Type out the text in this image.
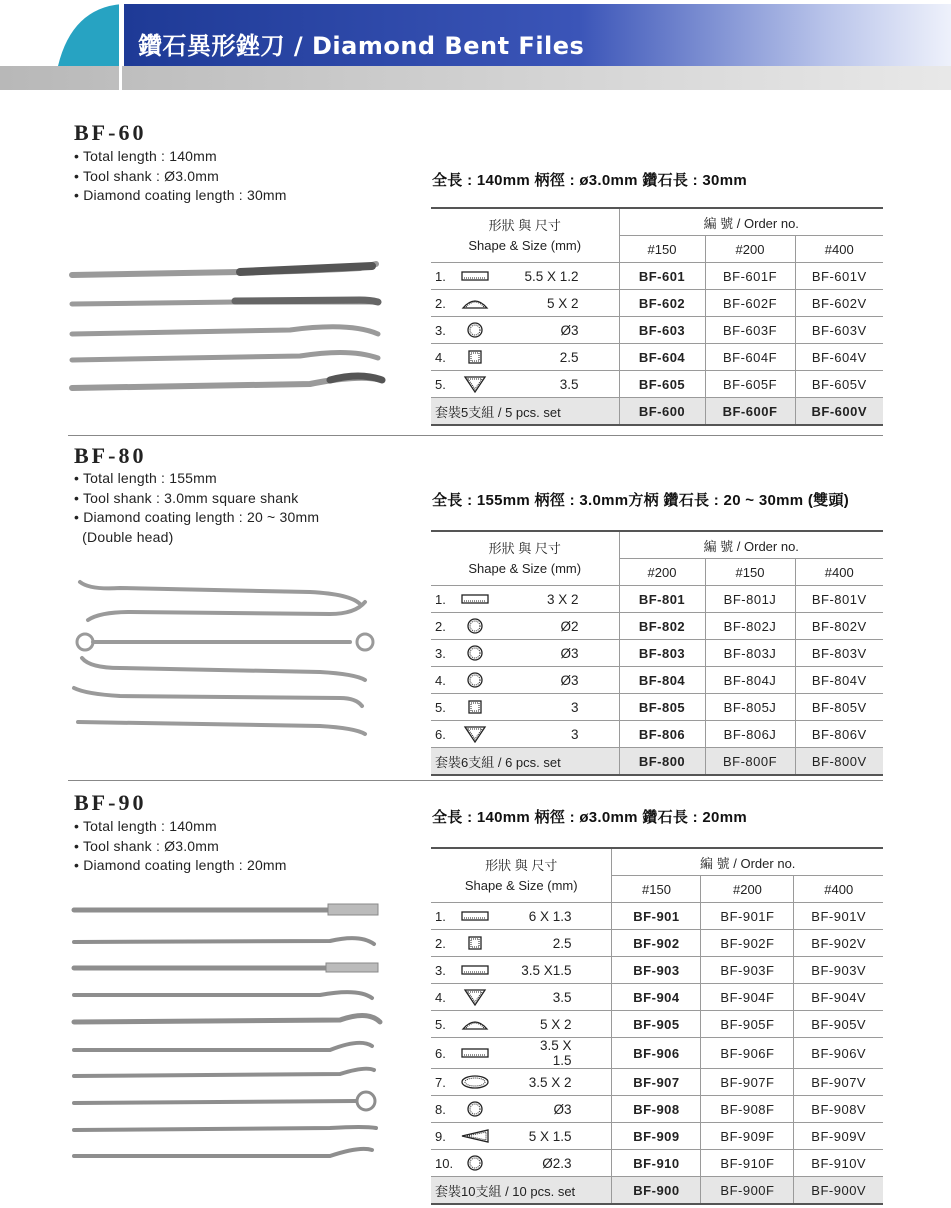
鑽石異形銼刀 / Diamond Bent Files
BF-60
• Total length : 140mm
• Tool shank : Ø3.0mm
• Diamond coating length : 30mm
全長 : 140mm 柄徑 : ø3.0mm 鑽石長 : 30mm
形狀 與 尺寸
Shape & Size (mm)			編 號 / Order no.		
			#150	#200	#400
1.		5.5 X 1.2	BF-601	BF-601F	BF-601V
2.		5 X 2	BF-602	BF-602F	BF-602V
3.		Ø3	BF-603	BF-603F	BF-603V
4.		2.5	BF-604	BF-604F	BF-604V
5.		3.5	BF-605	BF-605F	BF-605V
套裝5支組 / 5 pcs. set			BF-600	BF-600F	BF-600V
BF-80
• Total length : 155mm
• Tool shank : 3.0mm square shank
• Diamond coating length : 20 ~ 30mm
(Double head)
全長 : 155mm 柄徑 : 3.0mm方柄 鑽石長 : 20 ~ 30mm (雙頭)
形狀 與 尺寸
Shape & Size (mm)			編 號 / Order no.		
			#200	#150	#400
1.		3 X 2	BF-801	BF-801J	BF-801V
2.		Ø2	BF-802	BF-802J	BF-802V
3.		Ø3	BF-803	BF-803J	BF-803V
4.		Ø3	BF-804	BF-804J	BF-804V
5.		3	BF-805	BF-805J	BF-805V
6.		3	BF-806	BF-806J	BF-806V
套裝6支組 / 6 pcs. set			BF-800	BF-800F	BF-800V
BF-90
• Total length : 140mm
• Tool shank : Ø3.0mm
• Diamond coating length : 20mm
全長 : 140mm 柄徑 : ø3.0mm 鑽石長 : 20mm
形狀 與 尺寸
Shape & Size (mm)			編 號 / Order no.		
			#150	#200	#400
1.		6 X 1.3	BF-901	BF-901F	BF-901V
2.		2.5	BF-902	BF-902F	BF-902V
3.		3.5 X1.5	BF-903	BF-903F	BF-903V
4.		3.5	BF-904	BF-904F	BF-904V
5.		5 X 2	BF-905	BF-905F	BF-905V
6.		3.5 X 1.5	BF-906	BF-906F	BF-906V
7.		3.5 X 2	BF-907	BF-907F	BF-907V
8.		Ø3	BF-908	BF-908F	BF-908V
9.		5 X 1.5	BF-909	BF-909F	BF-909V
10.		Ø2.3	BF-910	BF-910F	BF-910V
套裝10支組 / 10 pcs. set			BF-900	BF-900F	BF-900V
